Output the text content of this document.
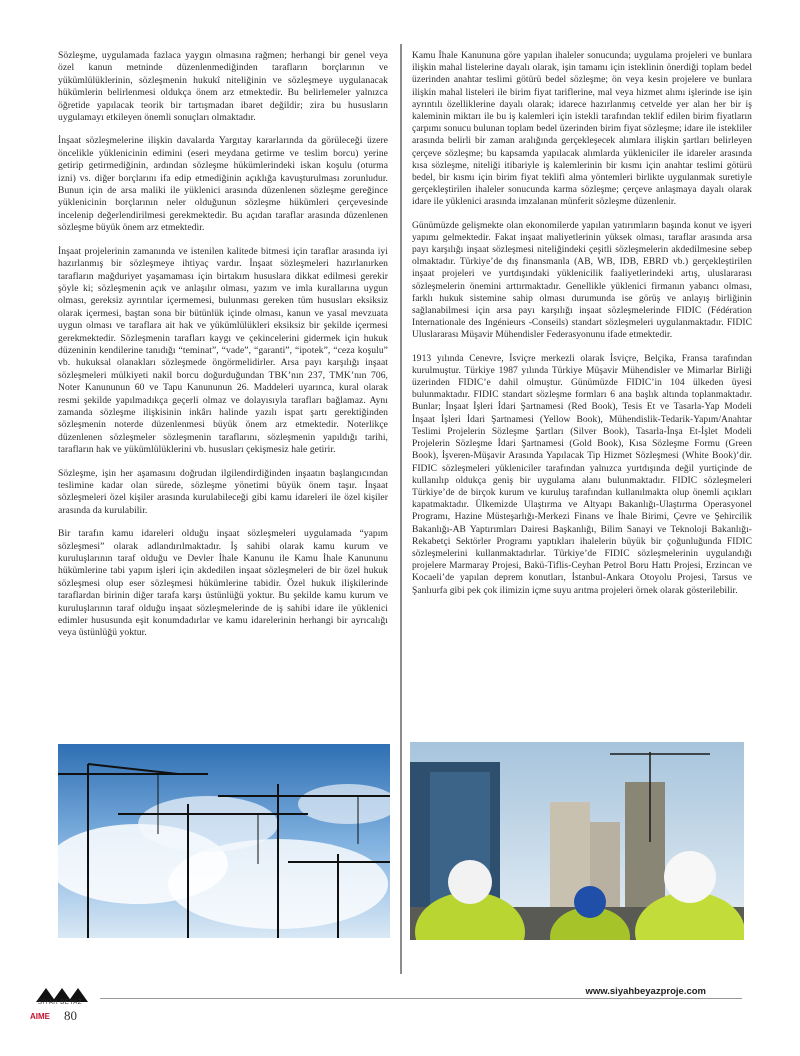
Sözleşme, uygulamada fazlaca yaygın olmasına rağmen; herhangi bir genel veya özel kanun metninde düzenlenmediğinden tarafların borçlarının ve yükümlülüklerinin, sözleşmenin hukukî niteliğinin ve sözleşmeye uygulanacak hükümlerin belirlenmesi oldukça önem arz etmektedir. Bu belirlemeler yalnızca öğretide yapılacak teorik bir tartışmadan ibaret değildir; zira bu hususların uygulamayı etkileyen önemli sonuçları olmaktadır.

İnşaat sözleşmelerine ilişkin davalarda Yargıtay kararlarında da görüleceği üzere öncelikle yüklenicinin edimini (eseri meydana getirme ve teslim borcu) yerine getirip getirmediğinin, ardından sözleşme hükümlerindeki iskan koşulu (oturma izni) vs. diğer borçlarını ifa edip etmediğinin açıklığa kavuşturulması zorunludur. Bunun için de arsa maliki ile yüklenici arasında düzenlenen sözleşme gereğince yüklenicinin borçlarının neler olduğunun sözleşme hükümleri çerçevesinde incelenip değerlendirilmesi gerekmektedir. Bu açıdan taraflar arasında düzenlenen sözleşme büyük önem arz etmektedir.

İnşaat projelerinin zamanında ve istenilen kalitede bitmesi için taraflar arasında iyi hazırlanmış bir sözleşmeye ihtiyaç vardır. İnşaat sözleşmeleri hazırlanırken tarafların mağduriyet yaşamaması için birtakım hususlara dikkat edilmesi gerekir şöyle ki; sözleşmenin açık ve anlaşılır olması, yazım ve imla kurallarına uygun olması, gereksiz ayrıntılar içermemesi, bulunması gereken tüm hususları eksiksiz olarak içermesi, baştan sona bir bütünlük içinde olması, kanun ve yasal mevzuata uygun olması ve taraflara ait hak ve yükümlülükleri eksiksiz bir şekilde içermesi gerekmektedir. Sözleşmenin tarafları kaygı ve çekincelerini gidermek için hukuk düzeninin kendilerine tanıdığı “teminat”, “vade”, “garanti”, “ipotek”, “ceza koşulu” vb. hukuksal olanakları sözleşmede öngörmelidirler. Arsa payı karşılığı inşaat sözleşmeleri mülkiyeti nakil borcu doğurduğundan TBK’nın 237, TMK’nın 706, Noter Kanununun 60 ve Tapu Kanununun 26. Maddeleri uyarınca, kural olarak resmi şekilde yapılmadıkça geçerli olmaz ve dolayısıyla tarafları bağlamaz. Aynı zamanda sözleşme ilişkisinin inkârı halinde yazılı ispat şartı gerektiğinden sözleşmenin noterde düzenlenmesi büyük önem arz etmektedir. Noterlikçe düzenlenen sözleşmeler sözleşmenin taraflarını, sözleşmenin yapıldığı tarihi, tarafların hak ve yükümlülüklerini vb. hususları çekişmesiz hale getirir.

Sözleşme, işin her aşamasını doğrudan ilgilendirdiğinden inşaatın başlangıcından teslimine kadar olan sürede, sözleşme yönetimi büyük önem taşır. İnşaat sözleşmeleri özel kişiler arasında kurulabileceği gibi kamu idareleri ile özel kişiler arasında da kurulabilir.

Bir tarafın kamu idareleri olduğu inşaat sözleşmeleri uygulamada “yapım sözleşmesi” olarak adlandırılmaktadır. İş sahibi olarak kamu kurum ve kuruluşlarının taraf olduğu ve Devler İhale Kanunu ile Kamu İhale Kanununu hükümlerine tabi yapım işleri için akdedilen inşaat sözleşmeleri de bir özel hukuk sözleşmesi olup eser sözleşmesi hükümlerine tabidir. Özel hukuk ilişkilerinde taraflardan birinin diğer tarafa karşı üstünlüğü yoktur. Bu şekilde kamu kurum ve kuruluşlarının taraf olduğu inşaat sözleşmelerinde de iş sahibi idare ile yüklenici edimler hususunda eşit konumdadırlar ve kamu idarelerinin herhangi bir ayrıcalığı veya üstünlüğü yoktur.

Kamu İhale Kanununa göre yapılan ihaleler sonucunda; uygulama projeleri ve bunlara ilişkin mahal listelerine dayalı olarak, işin tamamı için isteklinin önerdiği toplam bedel üzerinden anahtar teslimi götürü bedel sözleşme; ön veya kesin projelere ve bunlara ilişkin mahal listeleri ile birim fiyat tariflerine, mal veya hizmet alımı işlerinde ise işin ayrıntılı özelliklerine dayalı olarak; idarece hazırlanmış cetvelde yer alan her bir iş kaleminin miktarı ile bu iş kalemleri için istekli tarafından teklif edilen birim fiyatların çarpımı sonucu bulunan toplam bedel üzerinden birim fiyat sözleşme; idare ile istekliler arasında belirli bir zaman aralığında gerçekleşecek alımlara ilişkin şartları belirleyen çerçeve sözleşme; bu kapsamda yapılacak alımlarda yükleniciler ile idareler arasında kısa sözleşme, niteliği itibariyle iş kalemlerinin bir kısmı için anahtar teslimi götürü bedel, bir kısmı için birim fiyat teklifi alma yöntemleri birlikte uygulanmak suretiyle gerçekleştirilen ihaleler sonucunda karma sözleşme; çerçeve anlaşmaya dayalı olarak idare ile yüklenici arasında imzalanan münferit sözleşme düzenlenir.

Günümüzde gelişmekte olan ekonomilerde yapılan yatırımların başında konut ve işyeri yapımı gelmektedir. Fakat inşaat maliyetlerinin yüksek olması, taraflar arasında arsa payı karşılığı inşaat sözleşmesi niteliğindeki çeşitli sözleşmelerin akdedilmesine sebep olmaktadır. Türkiye’de dış finansmanla (AB, WB, IDB, EBRD vb.) gerçekleştirilen inşaat projeleri ve yurtdışındaki yüklenicilik faaliyetlerindeki artış, uluslararası sözleşmelerin önemini arttırmaktadır. Genellikle yüklenici firmanın yabancı olması, farklı hukuk sistemine sahip olması durumunda ise görüş ve anlayış birliğinin sağlanabilmesi için arsa payı karşılığı inşaat sözleşmelerinde FIDIC (Fédération Internationale des Ingénieurs -Conseils) standart sözleşmeleri uygulanmaktadır. FIDIC Uluslararası Müşavir Mühendisler Federasyonunu ifade etmektedir.

1913 yılında Cenevre, İsviçre merkezli olarak İsviçre, Belçika, Fransa tarafından kurulmuştur. Türkiye 1987 yılında Türkiye Müşavir Mühendisler ve Mimarlar Birliği üzerinden FIDIC’e dahil olmuştur. Günümüzde FIDIC’in 104 ülkeden üyesi bulunmaktadır. FIDIC standart sözleşme formları 6 ana başlık altında toplanmaktadır. Bunlar; İnşaat İşleri İdari Şartnamesi (Red Book), Tesis Et ve Tasarla-Yap Modeli İnşaat İşleri İdari Şartnamesi (Yellow Book), Mühendislik-Tedarik-Yapım/Anahtar Teslimi Projelerin Sözleşme Şartları (Silver Book), Tasarla-İnşa Et-İşlet Modeli Projelerin Sözleşme İdari Şartnamesi (Gold Book), Kısa Sözleşme Formu (Green Book), İşveren-Müşavir Arasında Yapılacak Tip Hizmet Sözleşmesi (White Book)’dir. FIDIC sözleşmeleri yükleniciler tarafından yalnızca yurtdışında değil yurtiçinde de kullanılıp oldukça geniş bir uygulama alanı bulunmaktadır. FIDIC sözleşmeleri Türkiye’de de birçok kurum ve kuruluş tarafından kullanılmakta olup önemli açıkları kapatmaktadır. Ülkemizde Ulaştırma ve Altyapı Bakanlığı-Ulaştırma Operasyonel Programı, Hazine Müsteşarlığı-Merkezi Finans ve İhale Birimi, Çevre ve Şehircilik Bakanlığı-AB Yaptırımları Dairesi Başkanlığı, Bilim Sanayi ve Teknoloji Bakanlığı-Rekabetçi Sektörler Programı yaptıkları ihalelerin büyük bir çoğunluğunda FIDIC sözleşmelerini kullanmaktadırlar. Türkiye’de FIDIC sözleşmelerinin uygulandığı projelere Marmaray Projesi, Bakü-Tiflis-Ceyhan Petrol Boru Hattı Projesi, Erzincan ve Kocaeli’de yapılan deprem konutları, İstanbul-Ankara Otoyolu Projesi, Tarsus ve Şanlıurfa gibi pek çok ilimizin içme suyu arıtma projeleri örnek olarak gösterilebilir.

www.siyahbeyazproje.com
SİYAH BEYAZ
AIME 80
